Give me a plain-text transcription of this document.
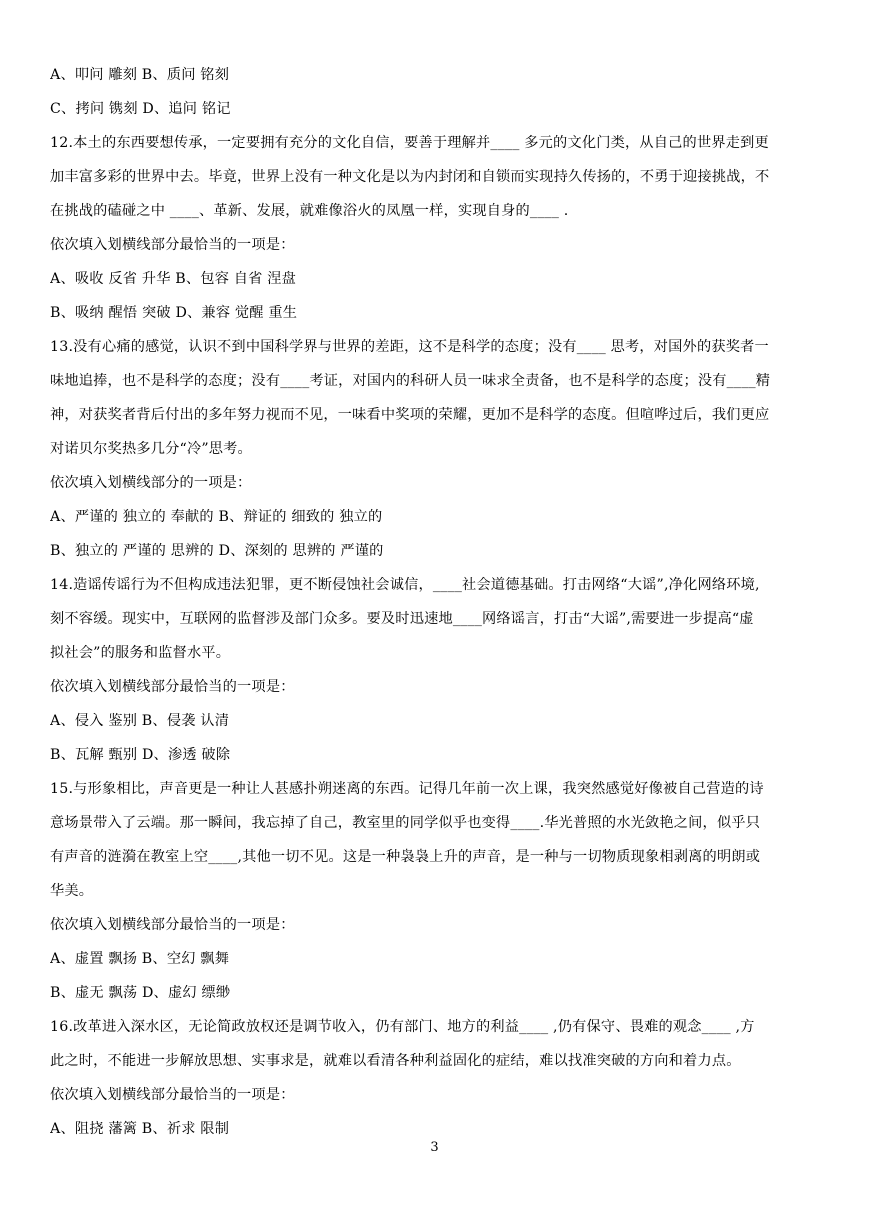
A、叩问 雕刻 B、质问 铭刻
C、拷问 镌刻 D、追问 铭记
12.本土的东西要想传承，一定要拥有充分的文化自信，要善于理解并____ 多元的文化门类，从自己的世界走到更
加丰富多彩的世界中去。毕竟，世界上没有一种文化是以为内封闭和自锁而实现持久传扬的，不勇于迎接挑战，不
在挑战的磕碰之中 ____、革新、发展，就难像浴火的凤凰一样，实现自身的____ .
依次填入划横线部分最恰当的一项是：
A、吸收 反省 升华 B、包容 自省 涅盘
B、吸纳 醒悟 突破 D、兼容 觉醒 重生
13.没有心痛的感觉，认识不到中国科学界与世界的差距，这不是科学的态度；没有____ 思考，对国外的获奖者一
味地追捧，也不是科学的态度；没有____考证，对国内的科研人员一味求全责备，也不是科学的态度；没有____精
神，对获奖者背后付出的多年努力视而不见，一味看中奖项的荣耀，更加不是科学的态度。但喧哗过后，我们更应
对诺贝尔奖热多几分“冷”思考。
依次填入划横线部分的一项是：
A、严谨的 独立的 奉献的 B、辩证的 细致的 独立的
B、独立的 严谨的 思辨的 D、深刻的 思辨的 严谨的
14.造谣传谣行为不但构成违法犯罪，更不断侵蚀社会诚信，____社会道德基础。打击网络“大谣”,净化网络环境,
刻不容缓。现实中，互联网的监督涉及部门众多。要及时迅速地____网络谣言，打击“大谣”,需要进一步提高“虚
拟社会”的服务和监督水平。
依次填入划横线部分最恰当的一项是：
A、侵入 鉴别 B、侵袭 认清
B、瓦解 甄别 D、渗透 破除
15.与形象相比，声音更是一种让人甚感扑朔迷离的东西。记得几年前一次上课，我突然感觉好像被自己营造的诗
意场景带入了云端。那一瞬间，我忘掉了自己，教室里的同学似乎也变得____.华光普照的水光敛艳之间，似乎只
有声音的涟漪在教室上空____,其他一切不见。这是一种袅袅上升的声音，是一种与一切物质现象相剥离的明朗或
华美。
依次填入划横线部分最恰当的一项是：
A、虚置 飘扬 B、空幻 飘舞
B、虚无 飘荡 D、虚幻 缥缈
16.改革进入深水区，无论简政放权还是调节收入，仍有部门、地方的利益____ ,仍有保守、畏难的观念____ ,方
此之时，不能进一步解放思想、实事求是，就难以看清各种利益固化的症结，难以找准突破的方向和着力点。
依次填入划横线部分最恰当的一项是：
A、阻挠 藩篱 B、祈求 限制
3
